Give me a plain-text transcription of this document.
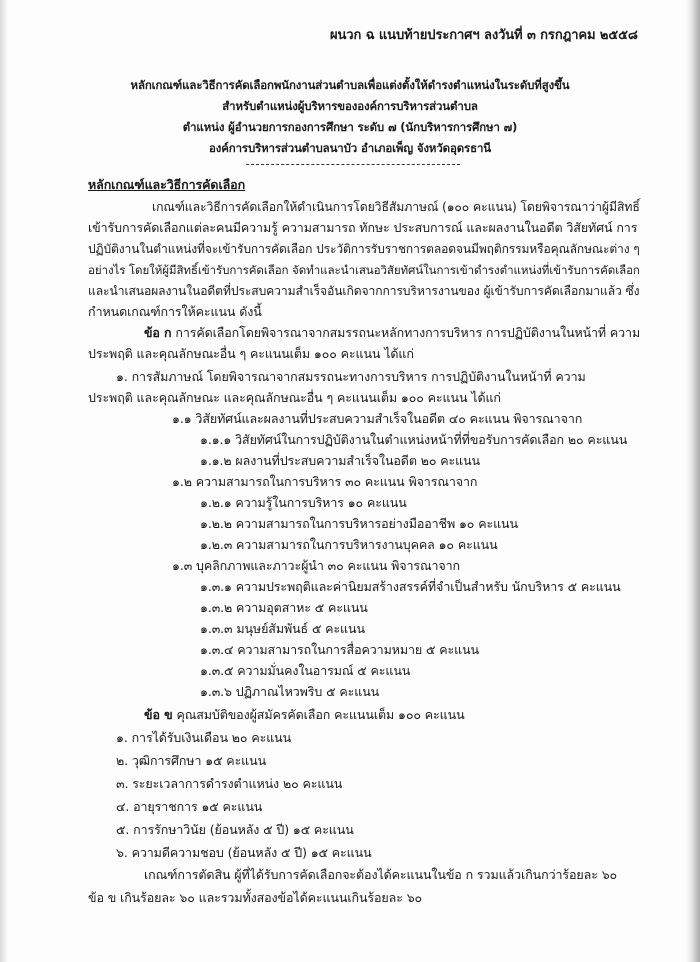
ผนวก ฉ แนบท้ายประกาศฯ ลงวันที่ ๓ กรกฎาคม ๒๕๕๘
หลักเกณฑ์และวิธีการคัดเลือกพนักงานส่วนตำบลเพื่อแต่งตั้งให้ดำรงตำแหน่งในระดับที่สูงขึ้น
สำหรับตำแหน่งผู้บริหารขององค์การบริหารส่วนตำบล
ตำแหน่ง ผู้อำนวยการกองการศึกษา ระดับ ๗ (นักบริหารการศึกษา ๗)
องค์การบริหารส่วนตำบลนาบัว อำเภอเพ็ญ จังหวัดอุดรธานี
หลักเกณฑ์และวิธีการคัดเลือก
เกณฑ์และวิธีการคัดเลือกให้ดำเนินการโดยวิธีสัมภาษณ์ (๑๐๐ คะแนน) โดยพิจารณาว่าผู้มีสิทธิ์
เข้ารับการคัดเลือกแต่ละคนมีความรู้ ความสามารถ ทักษะ ประสบการณ์ และผลงานในอดีต วิสัยทัศน์ การ
ปฏิบัติงานในตำแหน่งที่จะเข้ารับการคัดเลือก ประวัติการรับราชการตลอดจนมีพฤติกรรมหรือคุณลักษณะต่าง ๆ
อย่างไร โดยให้ผู้มีสิทธิ์เข้ารับการคัดเลือก จัดทำและนำเสนอวิสัยทัศน์ในการเข้าดำรงตำแหน่งที่เข้ารับการคัดเลือก
และนำเสนอผลงานในอดีตที่ประสบความสำเร็จอันเกิดจากการบริหารงานของ ผู้เข้ารับการคัดเลือกมาแล้ว ซึ่ง
กำหนดเกณฑ์การให้คะแนน ดังนี้
ข้อ ก การคัดเลือกโดยพิจารณาจากสมรรถนะหลักทางการบริหาร การปฏิบัติงานในหน้าที่ ความ
ประพฤติ และคุณลักษณะอื่น ๆ คะแนนเต็ม ๑๐๐ คะแนน ได้แก่
๑. การสัมภาษณ์ โดยพิจารณาจากสมรรถนะทางการบริหาร การปฏิบัติงานในหน้าที่ ความ
ประพฤติ และคุณลักษณะ และคุณลักษณะอื่น ๆ คะแนนเต็ม ๑๐๐ คะแนน ได้แก่
๑.๑ วิสัยทัศน์และผลงานที่ประสบความสำเร็จในอดีต ๔๐ คะแนน พิจารณาจาก
๑.๑.๑ วิสัยทัศน์ในการปฏิบัติงานในตำแหน่งหน้าที่ที่ขอรับการคัดเลือก ๒๐ คะแนน
๑.๑.๒ ผลงานที่ประสบความสำเร็จในอดีต ๒๐ คะแนน
๑.๒ ความสามารถในการบริหาร ๓๐ คะแนน พิจารณาจาก
๑.๒.๑ ความรู้ในการบริหาร ๑๐ คะแนน
๑.๒.๒ ความสามารถในการบริหารอย่างมืออาชีพ ๑๐ คะแนน
๑.๒.๓ ความสามารถในการบริหารงานบุคคล ๑๐ คะแนน
๑.๓ บุคลิกภาพและภาวะผู้นำ ๓๐ คะแนน พิจารณาจาก
๑.๓.๑ ความประพฤติและค่านิยมสร้างสรรค์ที่จำเป็นสำหรับ นักบริหาร ๕ คะแนน
๑.๓.๒ ความอุตสาหะ ๕ คะแนน
๑.๓.๓ มนุษย์สัมพันธ์ ๕ คะแนน
๑.๓.๔ ความสามารถในการสื่อความหมาย ๕ คะแนน
๑.๓.๕ ความมั่นคงในอารมณ์ ๕ คะแนน
๑.๓.๖ ปฏิภาณไหวพริบ ๕ คะแนน
ข้อ ข คุณสมบัติของผู้สมัครคัดเลือก คะแนนเต็ม ๑๐๐ คะแนน
๑. การได้รับเงินเดือน ๒๐ คะแนน
๒. วุฒิการศึกษา ๑๕ คะแนน
๓. ระยะเวลาการดำรงตำแหน่ง ๒๐ คะแนน
๔. อายุราชการ ๑๕ คะแนน
๕. การรักษาวินัย (ย้อนหลัง ๕ ปี) ๑๕ คะแนน
๖. ความดีความชอบ (ย้อนหลัง ๕ ปี) ๑๕ คะแนน
เกณฑ์การตัดสิน ผู้ที่ได้รับการคัดเลือกจะต้องได้คะแนนในข้อ ก รวมแล้วเกินกว่าร้อยละ ๖๐
ข้อ ข เกินร้อยละ ๖๐ และรวมทั้งสองข้อได้คะแนนเกินร้อยละ ๖๐
